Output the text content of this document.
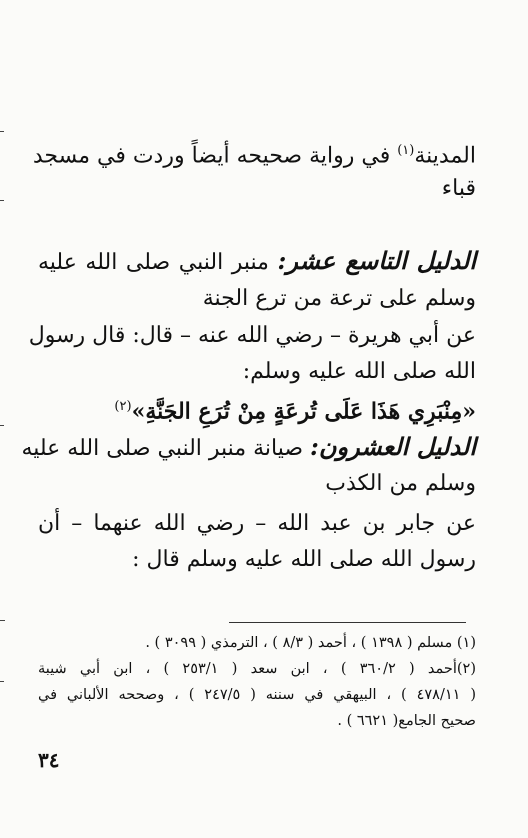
المدينة$^{(١)}$ في رواية صحيحه أيضاً وردت في مسجد
قباء
الدليل التاسع عشر: منبر النبي صلى الله عليه
وسلم على ترعة من ترع الجنة
عن أبي هريرة – رضي الله عنه – قال: قال رسول
الله صلى الله عليه وسلم:
«مِنْبَرِي هَذَا عَلَى تُرعَةٍ مِنْ تُرَعِ الجَنَّةِ»$^{(٢)}$
الدليل العشرون: صيانة منبر النبي صلى الله عليه
وسلم من الكذب
عن جابر بن عبد الله – رضي الله عنهما – أن
رسول الله صلى الله عليه وسلم قال :
(١) مسلم ( ١٣٩٨ ) ، أحمد ( ٨/٣ ) ، الترمذي ( ٣٠٩٩ ) .
(٢)أحمد ( ٣٦٠/٢ ) ، ابن سعد ( ٢٥٣/١ ) ، ابن أبي شيبة
( ٤٧٨/١١ ) ، البيهقي في سننه ( ٢٤٧/٥ ) ، وصححه الألباني في
صحيح الجامع( ٦٦٢١ ) .
٣٤
